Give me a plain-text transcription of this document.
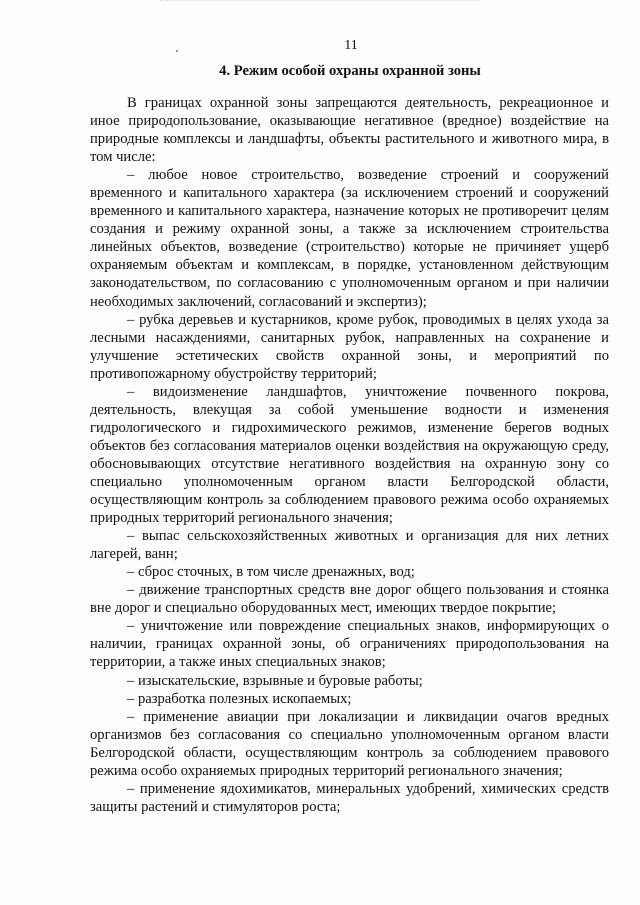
11
4. Режим особой охраны охранной зоны

В границах охранной зоны запрещаются деятельность, рекреационное и иное природопользование, оказывающие негативное (вредное) воздействие на природные комплексы и ландшафты, объекты растительного и животного мира, в том числе:

– любое новое строительство, возведение строений и сооружений временного и капитального характера (за исключением строений и сооружений временного и капитального характера, назначение которых не противоречит целям создания и режиму охранной зоны, а также за исключением строительства линейных объектов, возведение (строительство) которые не причиняет ущерб охраняемым объектам и комплексам, в порядке, установленном действующим законодательством, по согласованию с уполномоченным органом и при наличии необходимых заключений, согласований и экспертиз);

– рубка деревьев и кустарников, кроме рубок, проводимых в целях ухода за лесными насаждениями, санитарных рубок, направленных на сохранение и улучшение эстетических свойств охранной зоны, и мероприятий по противопожарному обустройству территорий;

– видоизменение ландшафтов, уничтожение почвенного покрова, деятельность, влекущая за собой уменьшение водности и изменения гидрологического и гидрохимического режимов, изменение берегов водных объектов без согласования материалов оценки воздействия на окружающую среду, обосновывающих отсутствие негативного воздействия на охранную зону со специально уполномоченным органом власти Белгородской области, осуществляющим контроль за соблюдением правового режима особо охраняемых природных территорий регионального значения;

– выпас сельскохозяйственных животных и организация для них летних лагерей, ванн;

– сброс сточных, в том числе дренажных, вод;

– движение транспортных средств вне дорог общего пользования и стоянка вне дорог и специально оборудованных мест, имеющих твердое покрытие;

– уничтожение или повреждение специальных знаков, информирующих о наличии, границах охранной зоны, об ограничениях природопользования на территории, а также иных специальных знаков;

– изыскательские, взрывные и буровые работы;

– разработка полезных ископаемых;

– применение авиации при локализации и ликвидации очагов вредных организмов без согласования со специально уполномоченным органом власти Белгородской области, осуществляющим контроль за соблюдением правового режима особо охраняемых природных территорий регионального значения;

– применение ядохимикатов, минеральных удобрений, химических средств защиты растений и стимуляторов роста;
